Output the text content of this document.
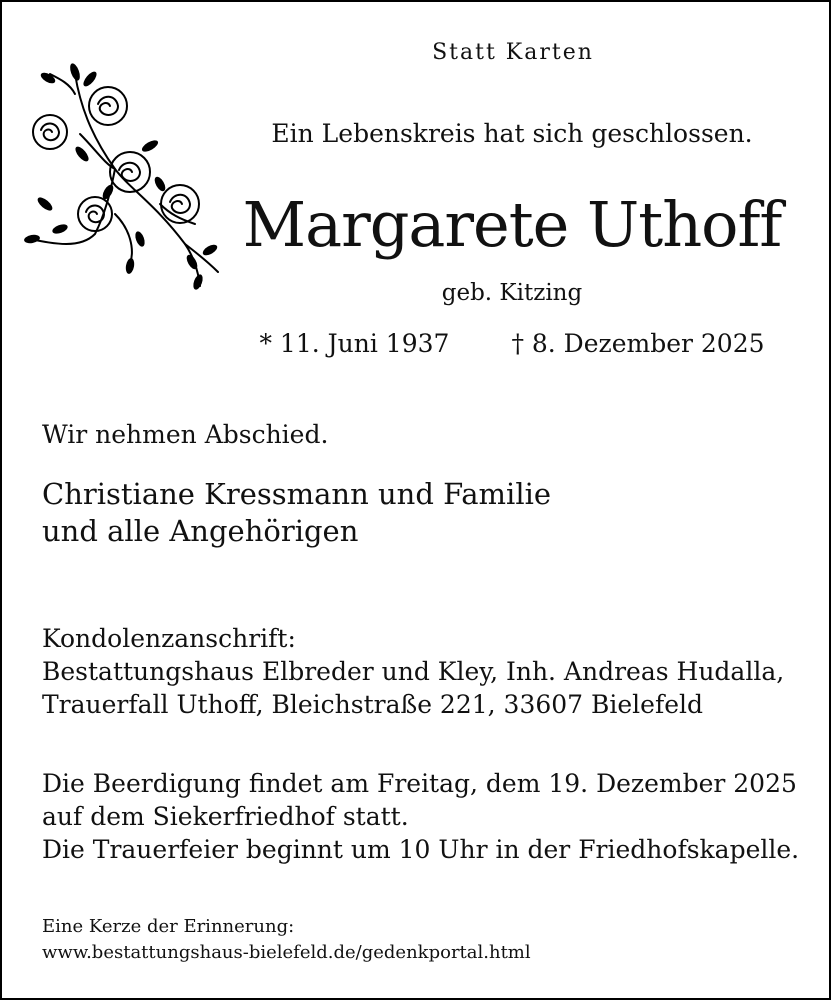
Statt Karten
Ein Lebenskreis hat sich geschlossen.
Margarete Uthoff
geb. Kitzing
* 11. Juni 1937 † 8. Dezember 2025
Wir nehmen Abschied.
Christiane Kressmann und Familie
und alle Angehörigen
Kondolenzanschrift:
Bestattungshaus Elbreder und Kley, Inh. Andreas Hudalla,
Trauerfall Uthoff, Bleichstraße 221, 33607 Bielefeld
Die Beerdigung findet am Freitag, dem 19. Dezember 2025
auf dem Siekerfriedhof statt.
Die Trauerfeier beginnt um 10 Uhr in der Friedhofskapelle.
Eine Kerze der Erinnerung:
www.bestattungshaus-bielefeld.de/gedenkportal.html
